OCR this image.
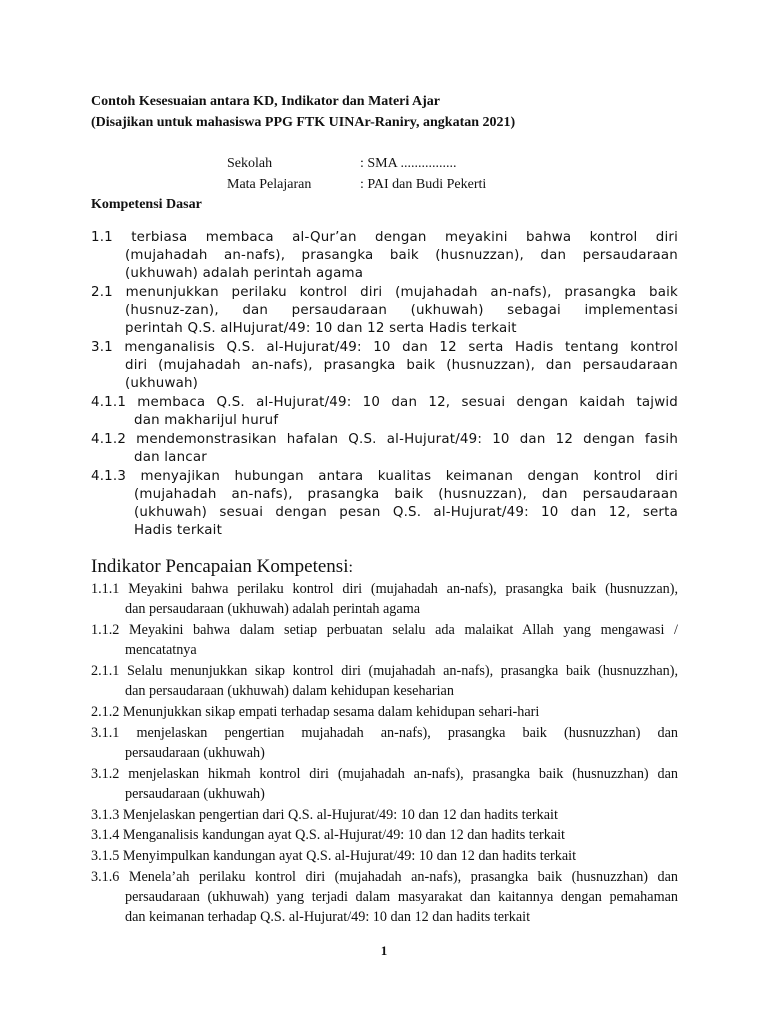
Contoh Kesesuaian antara KD, Indikator dan Materi Ajar
(Disajikan untuk mahasiswa PPG FTK UINAr-Raniry, angkatan 2021)
Sekolah	: SMA ................
Mata Pelajaran	: PAI dan Budi Pekerti
Kompetensi Dasar
1.1 terbiasa membaca al-Qur’an dengan meyakini bahwa kontrol diri
(mujahadah an-nafs), prasangka baik (husnuzzan), dan persaudaraan
(ukhuwah) adalah perintah agama
2.1 menunjukkan perilaku kontrol diri (mujahadah an-nafs), prasangka baik
(husnuz-zan), dan persaudaraan (ukhuwah) sebagai implementasi
perintah Q.S. alHujurat/49: 10 dan 12 serta Hadis terkait
3.1 menganalisis Q.S. al-Hujurat/49: 10 dan 12 serta Hadis tentang kontrol
diri (mujahadah an-nafs), prasangka baik (husnuzzan), dan persaudaraan
(ukhuwah)
4.1.1 membaca Q.S. al-Hujurat/49: 10 dan 12, sesuai dengan kaidah tajwid
dan makharijul huruf
4.1.2 mendemonstrasikan hafalan Q.S. al-Hujurat/49: 10 dan 12 dengan fasih
dan lancar
4.1.3 menyajikan hubungan antara kualitas keimanan dengan kontrol diri
(mujahadah an-nafs), prasangka baik (husnuzzan), dan persaudaraan
(ukhuwah) sesuai dengan pesan Q.S. al-Hujurat/49: 10 dan 12, serta
Hadis terkait
Indikator Pencapaian Kompetensi:
1.1.1 Meyakini bahwa perilaku kontrol diri (mujahadah an-nafs), prasangka baik (husnuzzan),
dan persaudaraan (ukhuwah) adalah perintah agama
1.1.2 Meyakini bahwa dalam setiap perbuatan selalu ada malaikat Allah yang mengawasi /
mencatatnya
2.1.1 Selalu menunjukkan sikap kontrol diri (mujahadah an-nafs), prasangka baik (husnuzzhan),
dan persaudaraan (ukhuwah) dalam kehidupan keseharian
2.1.2 Menunjukkan sikap empati terhadap sesama dalam kehidupan sehari-hari
3.1.1 menjelaskan pengertian mujahadah an-nafs), prasangka baik (husnuzzhan) dan
persaudaraan (ukhuwah)
3.1.2 menjelaskan hikmah kontrol diri (mujahadah an-nafs), prasangka baik (husnuzzhan) dan
persaudaraan (ukhuwah)
3.1.3 Menjelaskan pengertian dari Q.S. al-Hujurat/49: 10 dan 12 dan hadits terkait
3.1.4 Menganalisis kandungan ayat Q.S. al-Hujurat/49: 10 dan 12 dan hadits terkait
3.1.5 Menyimpulkan kandungan ayat Q.S. al-Hujurat/49: 10 dan 12 dan hadits terkait
3.1.6 Menela’ah perilaku kontrol diri (mujahadah an-nafs), prasangka baik (husnuzzhan) dan
persaudaraan (ukhuwah) yang terjadi dalam masyarakat dan kaitannya dengan pemahaman
dan keimanan terhadap Q.S. al-Hujurat/49: 10 dan 12 dan hadits terkait
1
